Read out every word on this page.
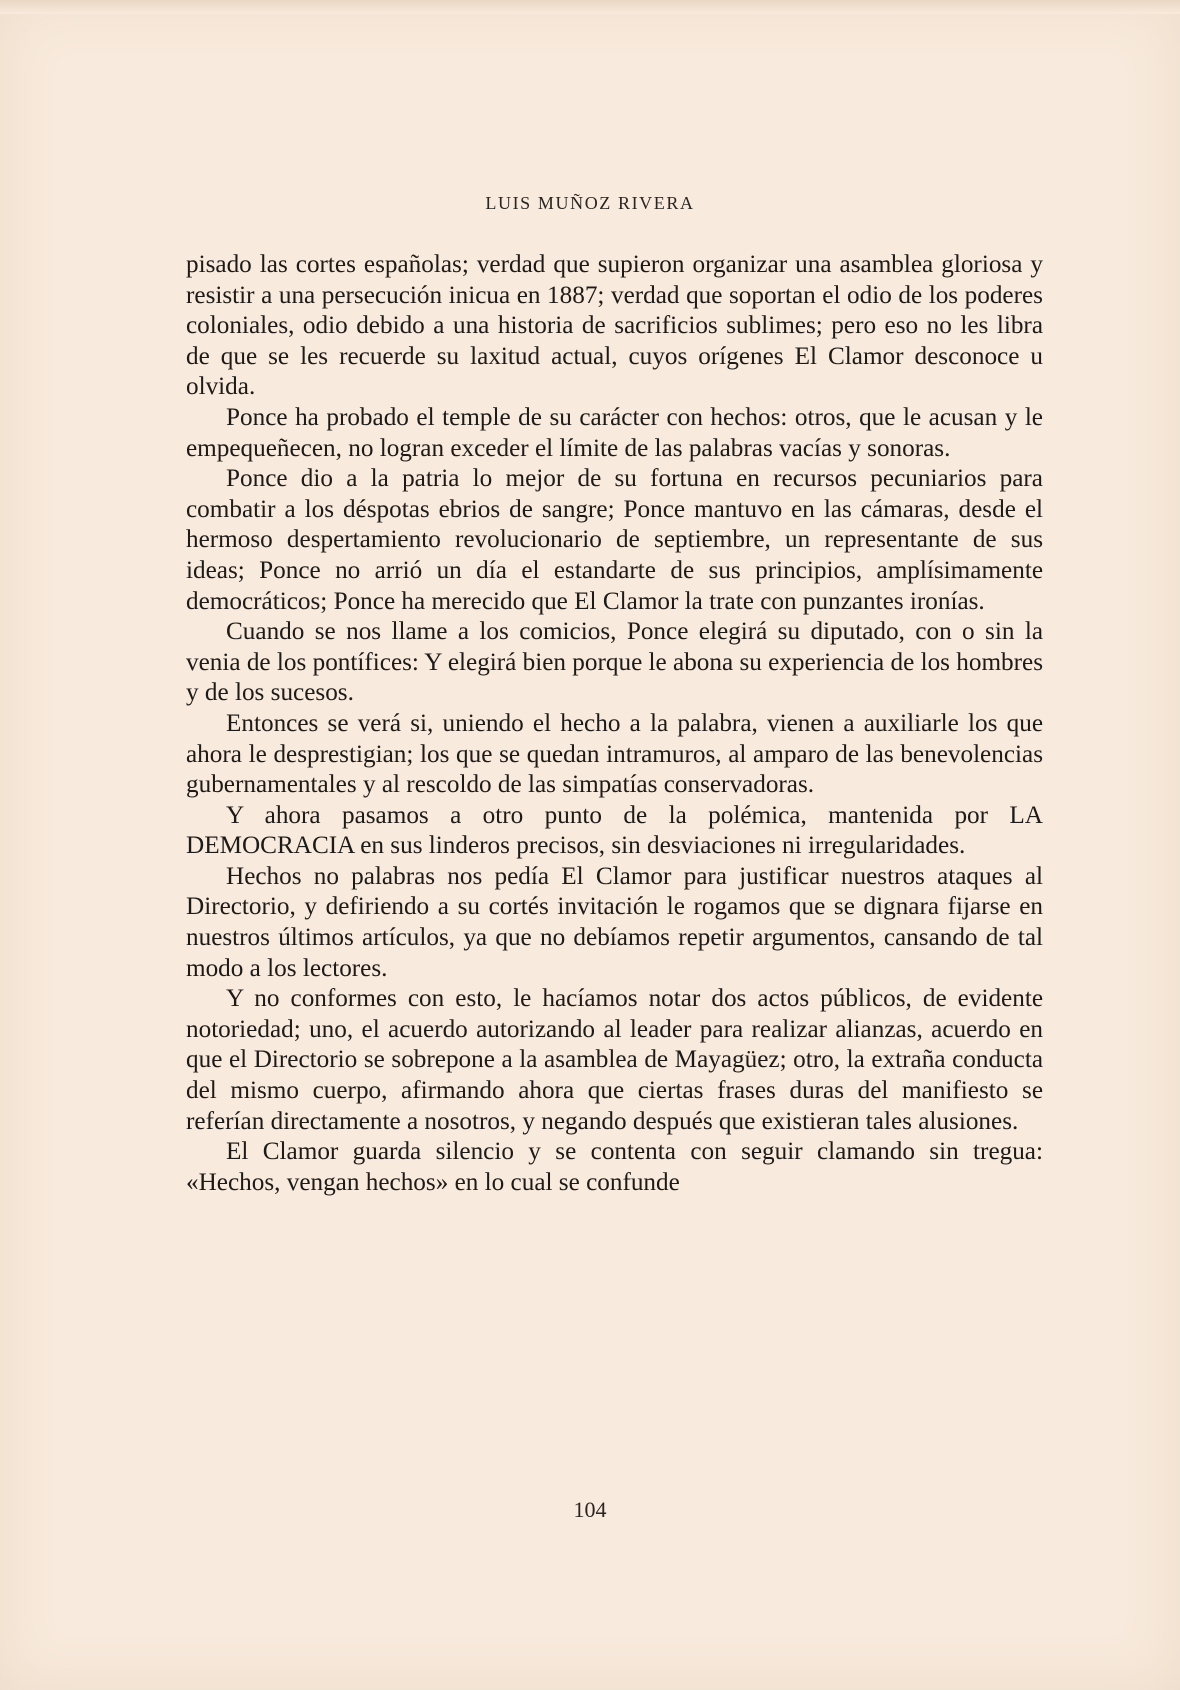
LUIS MUÑOZ RIVERA

pisado las cortes españolas; verdad que supieron organizar una asamblea gloriosa y resistir a una persecución inicua en 1887; verdad que soportan el odio de los poderes coloniales, odio debido a una historia de sacrificios sublimes; pero eso no les libra de que se les recuerde su laxitud actual, cuyos orígenes El Clamor desconoce u olvida.

Ponce ha probado el temple de su carácter con hechos: otros, que le acusan y le empequeñecen, no logran exceder el límite de las palabras vacías y sonoras.

Ponce dio a la patria lo mejor de su fortuna en recursos pecuniarios para combatir a los déspotas ebrios de sangre; Ponce mantuvo en las cámaras, desde el hermoso despertamiento revolucionario de septiembre, un representante de sus ideas; Ponce no arrió un día el estandarte de sus principios, amplísimamente democráticos; Ponce ha merecido que El Clamor la trate con punzantes ironías.

Cuando se nos llame a los comicios, Ponce elegirá su diputado, con o sin la venia de los pontífices: Y elegirá bien porque le abona su experiencia de los hombres y de los sucesos.

Entonces se verá si, uniendo el hecho a la palabra, vienen a auxiliarle los que ahora le desprestigian; los que se quedan intramuros, al amparo de las benevolencias gubernamentales y al rescoldo de las simpatías conservadoras.

Y ahora pasamos a otro punto de la polémica, mantenida por LA DEMOCRACIA en sus linderos precisos, sin desviaciones ni irregularidades.

Hechos no palabras nos pedía El Clamor para justificar nuestros ataques al Directorio, y defiriendo a su cortés invitación le rogamos que se dignara fijarse en nuestros últimos artículos, ya que no debíamos repetir argumentos, cansando de tal modo a los lectores.

Y no conformes con esto, le hacíamos notar dos actos públicos, de evidente notoriedad; uno, el acuerdo autorizando al leader para realizar alianzas, acuerdo en que el Directorio se sobrepone a la asamblea de Mayagüez; otro, la extraña conducta del mismo cuerpo, afirmando ahora que ciertas frases duras del manifiesto se referían directamente a nosotros, y negando después que existieran tales alusiones.

El Clamor guarda silencio y se contenta con seguir clamando sin tregua: «Hechos, vengan hechos» en lo cual se confunde

104
